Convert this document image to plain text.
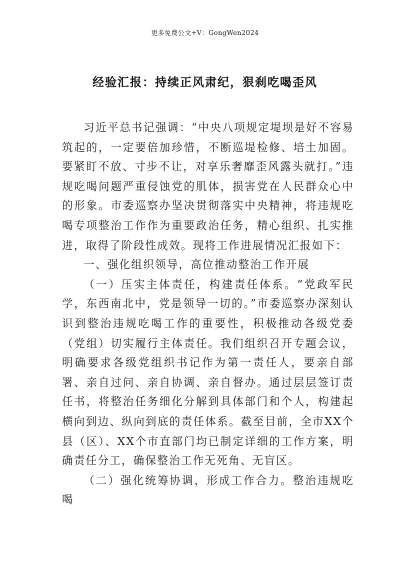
更多免费公文+V：GongWen2024
经验汇报：持续正风肃纪，狠刹吃喝歪风

习近平总书记强调：“中央八项规定堤坝是好不容易筑起的，一定要倍加珍惜，不断巡堤检修、培土加固。要紧盯不放、寸步不让，对享乐奢靡歪风露头就打。”违规吃喝问题严重侵蚀党的肌体，损害党在人民群众心中的形象。市委巡察办坚决贯彻落实中央精神，将违规吃喝专项整治工作作为重要政治任务，精心组织、扎实推进，取得了阶段性成效。现将工作进展情况汇报如下：

一、强化组织领导，高位推动整治工作开展

（一）压实主体责任，构建责任体系。“党政军民学，东西南北中，党是领导一切的。”市委巡察办深刻认识到整治违规吃喝工作的重要性，积极推动各级党委（党组）切实履行主体责任。我们组织召开专题会议，明确要求各级党组织书记作为第一责任人，要亲自部署、亲自过问、亲自协调、亲自督办。通过层层签订责任书，将整治任务细化分解到具体部门和个人，构建起横向到边、纵向到底的责任体系。截至目前，全市XX个县（区）、XX个市直部门均已制定详细的工作方案，明确责任分工，确保整治工作无死角、无盲区。

（二）强化统筹协调，形成工作合力。整治违规吃喝
